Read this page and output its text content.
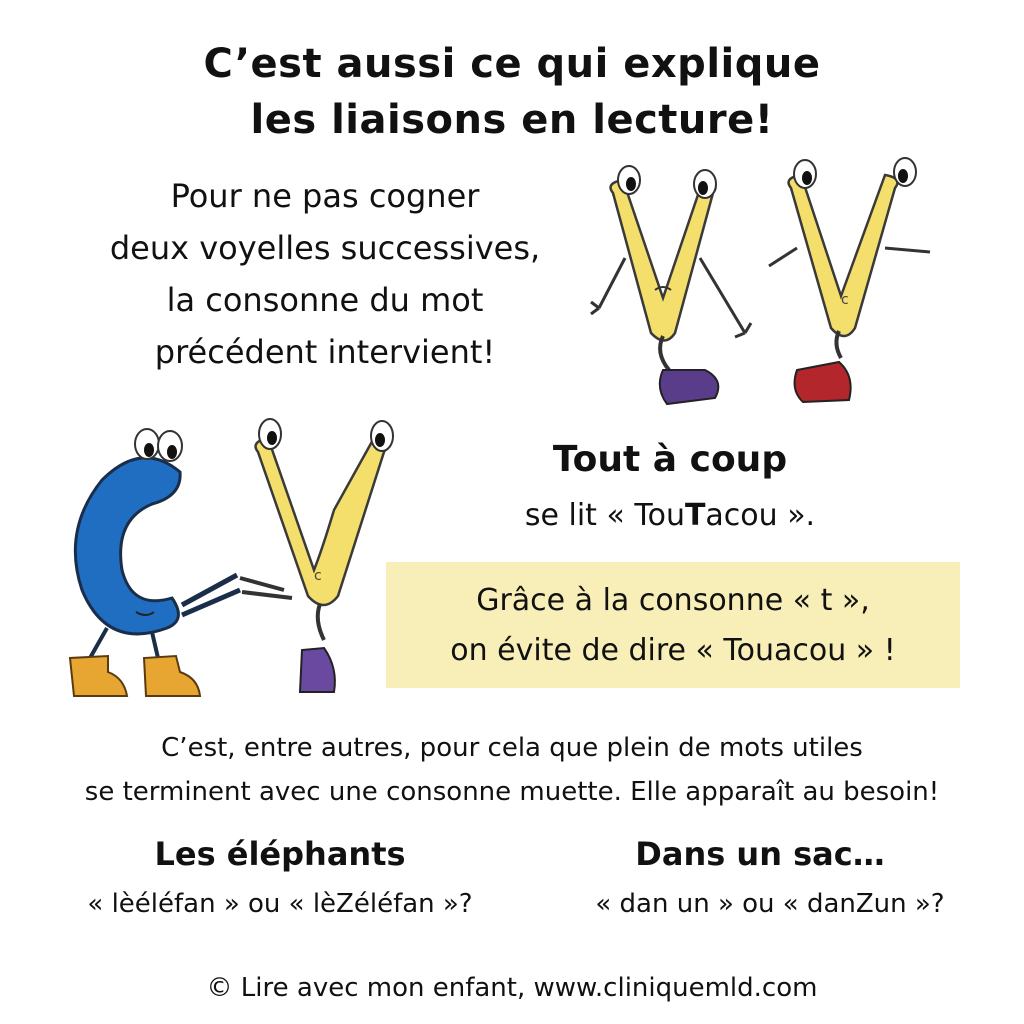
C’est aussi ce qui explique
les liaisons en lecture!
Pour ne pas cogner
deux voyelles successives,
la consonne du mot
précédent intervient!
c
c
Tout à coup
se lit « TouTacou ».
Grâce à la consonne « t »,
on évite de dire « Touacou » !
C’est, entre autres, pour cela que plein de mots utiles
se terminent avec une consonne muette. Elle apparaît au besoin!
Les éléphants
« lèéléfan » ou « lèZéléfan »?
Dans un sac…
« dan un » ou « danZun »?
© Lire avec mon enfant, www.cliniquemld.com
